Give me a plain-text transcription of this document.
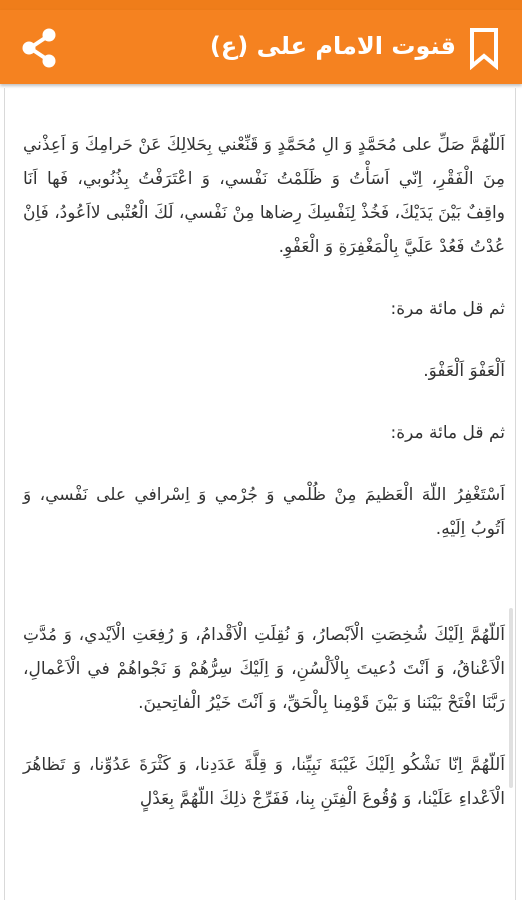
قنوت الامام على (ع)

اَللّهُمَّ صَلِّ علی مُحَمَّدٍ وَ الِ مُحَمَّدٍ وَ قَنِّعْني بِحَلالِكَ عَنْ حَرامِكَ وَ اَعِذْني مِنَ الْفَقْرِ، اِنّي اَسَأْتُ وَ ظَلَمْتُ نَفْسي، وَ اعْتَرَفْتُ بِذُنُوبي، فَها اَنَا واقِفٌ بَيْنَ يَدَيْكَ، فَخُذْ لِنَفْسِكَ رِضاها مِنْ نَفْسي، لَكَ الْعُتْبی لااَعُودُ، فَاِنْ عُدْتُ فَعُدْ عَلَيَّ بِالْمَغْفِرَةِ وَ الْعَفْوِ.

ثم قل مائة مرة:

اَلْعَفْوَ اَلْعَفْوَ.

ثم قل مائة مرة:

اَسْتَغْفِرُ اللّهَ الْعَظيمَ مِنْ ظُلْمي وَ جُرْمي وَ اِسْرافي علی نَفْسي، وَ اَتُوبُ اِلَيْهِ.

اَللّهُمَّ اِلَيْكَ شُخِصَتِ الْاَبْصارُ، وَ نُقِلَتِ الْاَقْدامُ، وَ رُفِعَتِ الْاَيْدي، وَ مُدَّتِ الْاَعْناقُ، وَ اَنْتَ دُعيتَ بِالْاَلْسُنِ، وَ اِلَيْكَ سِرُّهُمْ وَ نَجْواهُمْ في الْاَعْمالِ، رَبَّنَا افْتَحْ بَيْنَنا وَ بَيْنَ قَوْمِنا بِالْحَقِّ، وَ اَنْتَ خَيْرُ الْفاتِحينَ.

اَللّهُمَّ اِنّا نَشْكُو اِلَيْكَ غَيْبَةَ نَبِيِّنا، وَ قِلَّةَ عَدَدِنا، وَ كَثْرَةَ عَدُوِّنا، وَ تَظاهُرَ الْاَعْداءِ عَلَيْنا، وَ وُقُوعَ الْفِتَنِ بِنا، فَفَرِّجْ ذلِكَ اللّهُمَّ بِعَدْلٍ
